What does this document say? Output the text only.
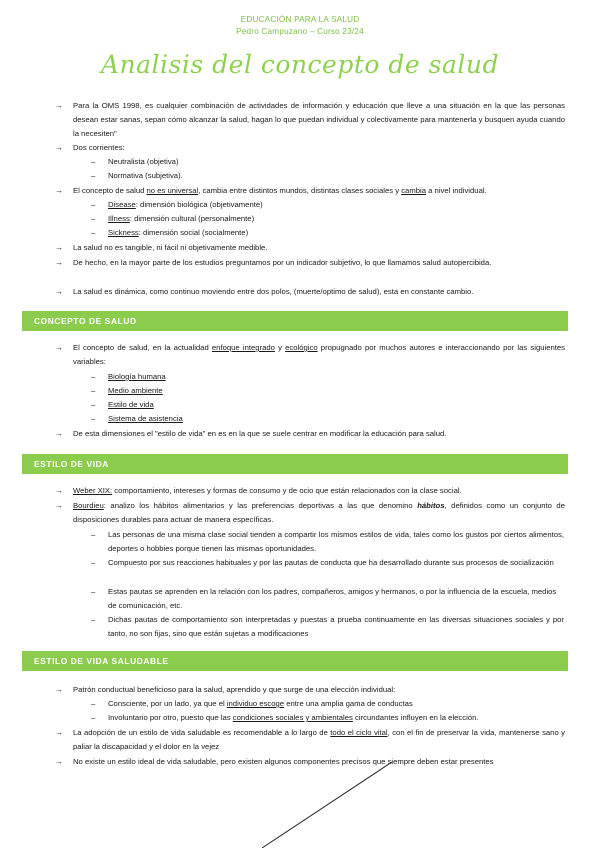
EDUCACIÓN PARA LA SALUD
Pedro Campuzano – Curso 23/24
Analisis del concepto de salud
→ Para la OMS 1998, es cualquier combinación de actividades de información y educación que lleve a una situación en la que las personas desean estar sanas, sepan cómo alcanzar la salud, hagan lo que puedan individual y colectivamente para mantenerla y busquen ayuda cuando la necesiten"
→ Dos corrientes:
– Neutralista (objetiva)
– Normativa (subjetiva).
→ El concepto de salud no es universal, cambia entre distintos mundos, distintas clases sociales y cambia a nivel individual.
– Disease: dimensión biológica (objetivamente)
– Illness: dimensión cultural (personalmente)
– Sickness: dimensión social (socialmente)
→ La salud no es tangible, ni fácil ni objetivamente medible.
→ De hecho, en la mayor parte de los estudios preguntamos por un indicador subjetivo, lo que llamamos salud autopercibida.
→ La salud es dinámica, como continuo moviendo entre dos polos, (muerte/optimo de salud), esta en constante cambio.
CONCEPTO DE SALUD
→ El concepto de salud, en la actualidad enfoque integrado y ecológico propugnado por muchos autores e interaccionando por las siguientes variables:
– Biología humana
– Medio ambiente
– Estilo de vida
– Sistema de asistencia
→ De esta dimensiones el "estilo de vida" en es en la que se suele centrar en modificar la educación para salud.
ESTILO DE VIDA
→ Weber XIX: comportamiento, intereses y formas de consumo y de ocio que están relacionados con la clase social.
→ Bourdieu: analizo los hábitos alimentarios y las preferencias deportivas a las que denomino hábitos, definidos como un conjunto de disposiciones durables para actuar de manera específicas.
– Las personas de una misma clase social tienden a compartir los mismos estilos de vida, tales como los gustos por ciertos alimentos, deportes o hobbies porque tienen las mismas oportunidades.
– Compuesto por sus reacciones habituales y por las pautas de conducta que ha desarrollado durante sus procesos de socialización
– Estas pautas se aprenden en la relación con los padres, compañeros, amigos y hermanos, o por la influencia de la escuela, medios de comunicación, etc.
– Dichas pautas de comportamiento son interpretadas y puestas a prueba continuamente en las diversas situaciones sociales y por tanto, no son fijas, sino que están sujetas a modificaciones
ESTILO DE VIDA SALUDABLE
→ Patrón conductual beneficioso para la salud, aprendido y que surge de una elección individual:
– Consciente, por un lado, ya que el individuo escoge entre una amplia gama de conductas
– Involuntario por otro, puesto que las condiciones sociales y ambientales circundantes influyen en la elección.
→ La adopción de un estilo de vida saludable es recomendable a lo largo de todo el ciclo vital, con el fin de preservar la vida, mantenerse sano y paliar la discapacidad y el dolor en la vejez
→ No existe un estilo ideal de vida saludable, pero existen algunos componentes precisos que siempre deben estar presentes
